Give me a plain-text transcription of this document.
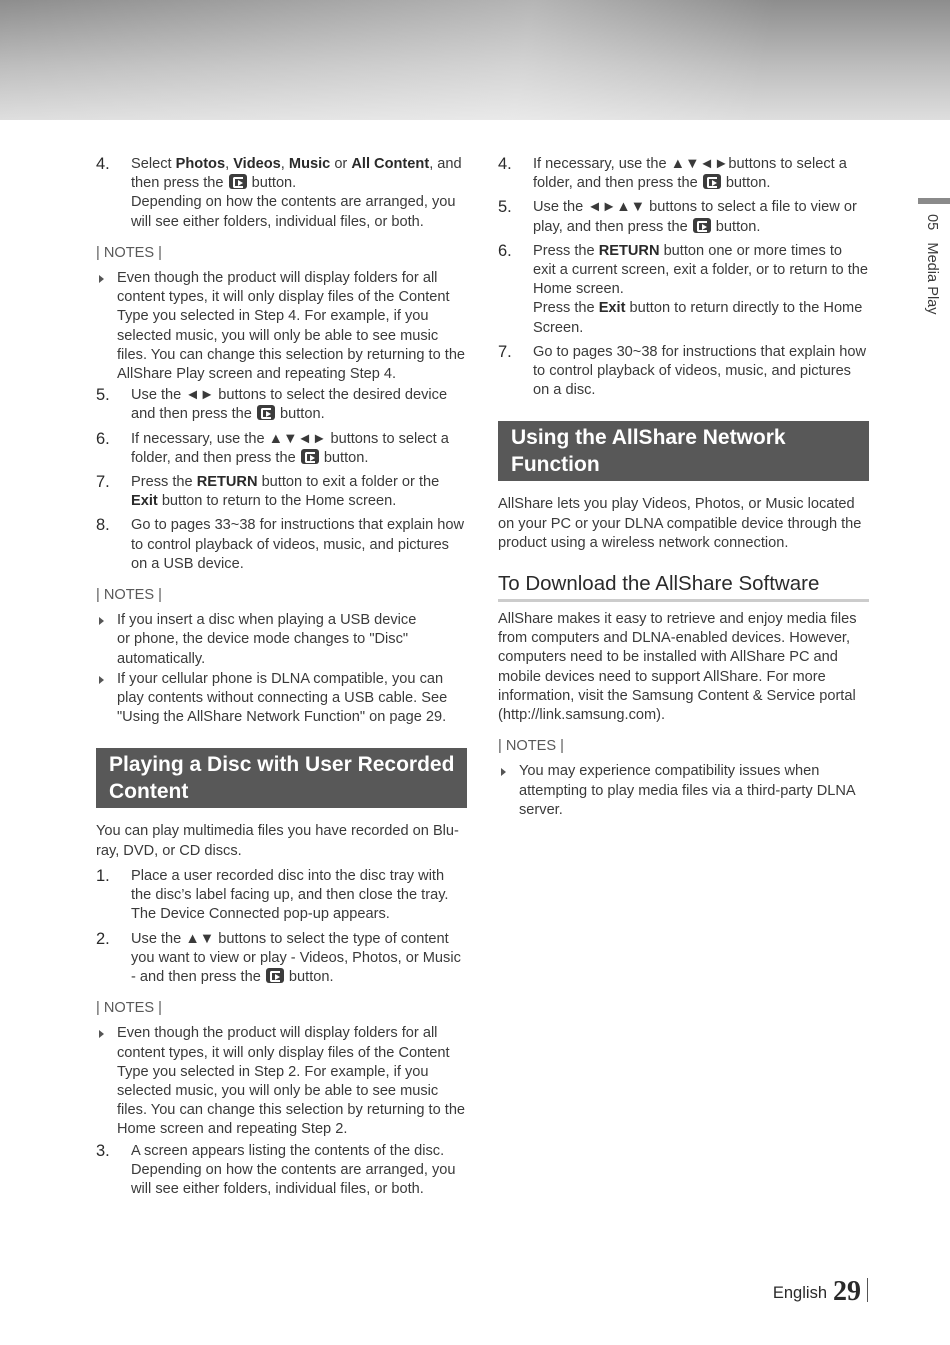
05   Media Play
4. Select Photos, Videos, Music or All Content, and
then press the  button.
Depending on how the contents are arranged, you
will see either folders, individual files, or both.
| NOTES |
Even though the product will display folders for all
content types, it will only display files of the Content
Type you selected in Step 4. For example, if you
selected music, you will only be able to see music
files. You can change this selection by returning to the
AllShare Play screen and repeating Step 4.
5. Use the ◄► buttons to select the desired device
and then press the  button.
6. If necessary, use the ▲▼◄► buttons to select a
folder, and then press the  button.
7. Press the RETURN button to exit a folder or the
Exit button to return to the Home screen.
8. Go to pages 33~38 for instructions that explain how
to control playback of videos, music, and pictures
on a USB device.
| NOTES |
If you insert a disc when playing a USB device
or phone, the device mode changes to "Disc"
automatically.
If your cellular phone is DLNA compatible, you can
play contents without connecting a USB cable. See
"Using the AllShare Network Function" on page 29.
Playing a Disc with User Recorded
Content
You can play multimedia files you have recorded on Blu-
ray, DVD, or CD discs.
1. Place a user recorded disc into the disc tray with
the disc’s label facing up, and then close the tray.
The Device Connected pop-up appears.
2. Use the ▲▼ buttons to select the type of content
you want to view or play - Videos, Photos, or Music
- and then press the  button.
| NOTES |
Even though the product will display folders for all
content types, it will only display files of the Content
Type you selected in Step 2. For example, if you
selected music, you will only be able to see music
files. You can change this selection by returning to the
Home screen and repeating Step 2.
3. A screen appears listing the contents of the disc.
Depending on how the contents are arranged, you
will see either folders, individual files, or both.
4. If necessary, use the ▲▼◄►buttons to select a
folder, and then press the  button.
5. Use the ◄►▲▼ buttons to select a file to view or
play, and then press the  button.
6. Press the RETURN button one or more times to
exit a current screen, exit a folder, or to return to the
Home screen.
Press the Exit button to return directly to the Home
Screen.
7. Go to pages 30~38 for instructions that explain how
to control playback of videos, music, and pictures
on a disc.
Using the AllShare Network
Function
AllShare lets you play Videos, Photos, or Music located
on your PC or your DLNA compatible device through the
product using a wireless network connection.
To Download the AllShare Software
AllShare makes it easy to retrieve and enjoy media files
from computers and DLNA-enabled devices. However,
computers need to be installed with AllShare PC and
mobile devices need to support AllShare. For more
information, visit the Samsung Content & Service portal
(http://link.samsung.com).
| NOTES |
You may experience compatibility issues when
attempting to play media files via a third-party DLNA
server.
English 29
